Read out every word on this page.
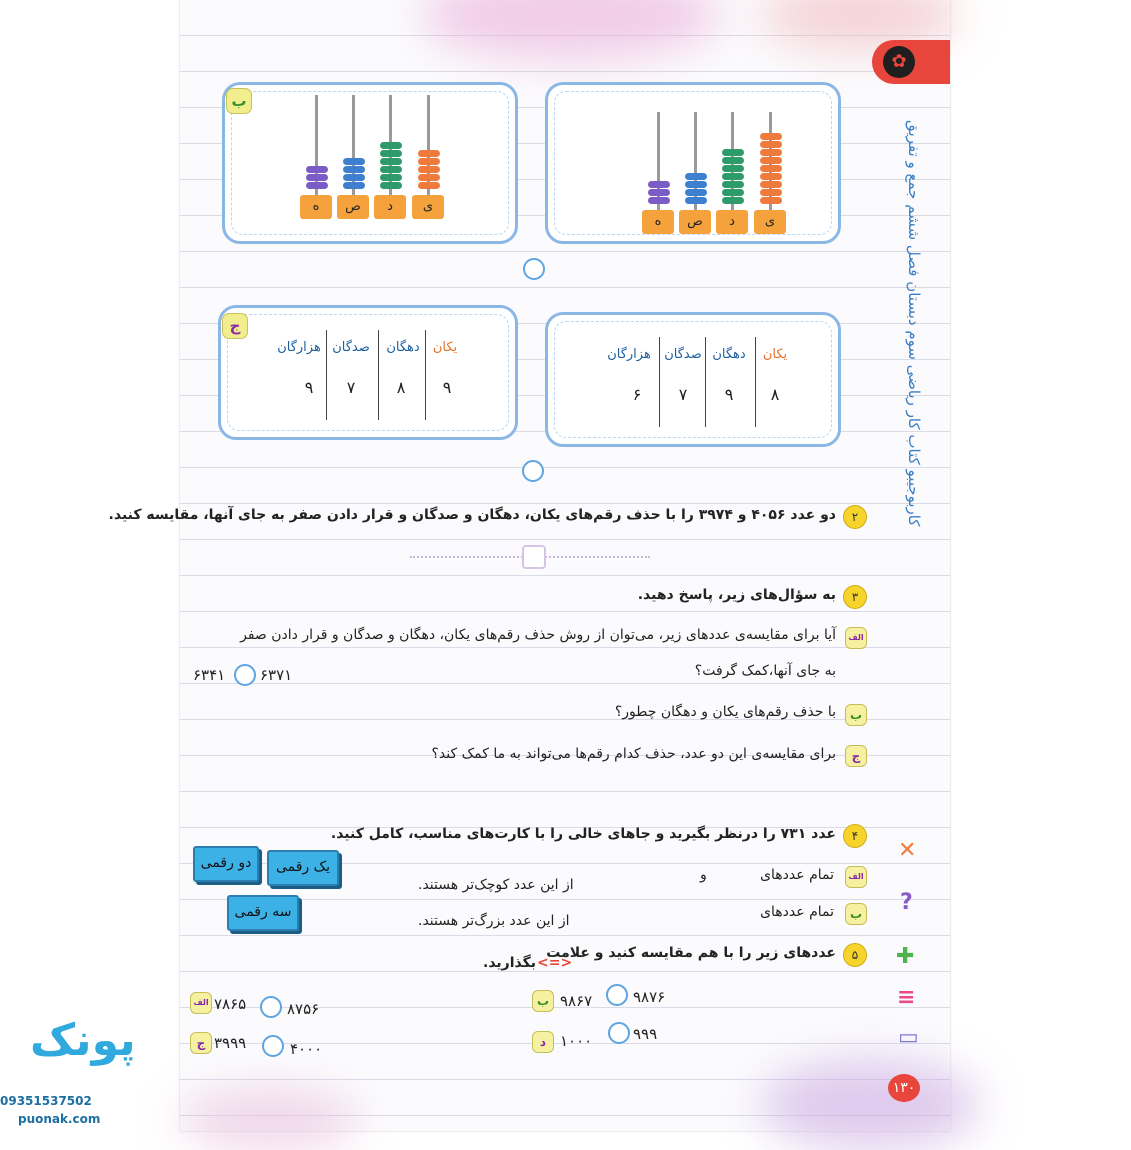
✿
کاربوجیبو کتاب کار ریاضی سوم دبستان فصل ششم جمع و تفریق
ب
ه	ص	د	ی
ه	ص	د	ی
ج
هزارگان صدگان	دهگان	یکان
۹	۷	۸	۹
هزارگان	صدگان دهگان	یکان
۶	۷	۹	۸
۲
دو عدد ۴۰۵۶ و ۳۹۷۴ را با حذف رقم‌های یکان، دهگان و صدگان و قرار دادن صفر به جای آنها، مقایسه کنید.
۳
به سؤال‌های زیر، پاسخ دهید.
الف
آیا برای مقایسه‌ی عددهای زیر، می‌توان از روش حذف رقم‌های یکان، دهگان و صدگان و قرار دادن صفر
به جای آنها،کمک گرفت؟
۶۳۷۱
۶۳۴۱
ب
با حذف رقم‌های یکان و دهگان چطور؟
ج
برای مقایسه‌ی این دو عدد، حذف کدام رقم‌ها می‌تواند به ما کمک کند؟
۴
عدد ۷۳۱ را درنظر بگیرید و جاهای خالی را با کارت‌های مناسب، کامل کنید.
الف
تمام عددهای
و
از این عدد کوچک‌تر هستند.
ب
تمام عددهای
از این عدد بزرگ‌تر هستند.
یک رقمی
دو رقمی
سه رقمی
۵
عددهای زیر را با هم مقایسه کنید و علامت
<=>
بگذارید.
۹۸۷۶
۹۸۶۷
ب
۸۷۵۶
۷۸۶۵
الف
۹۹۹
۱۰۰۰
د
۴۰۰۰
۳۹۹۹
ج
✕
?
✚
≡
▭
۱۳۰
پونک
09351537502
puonak.com
